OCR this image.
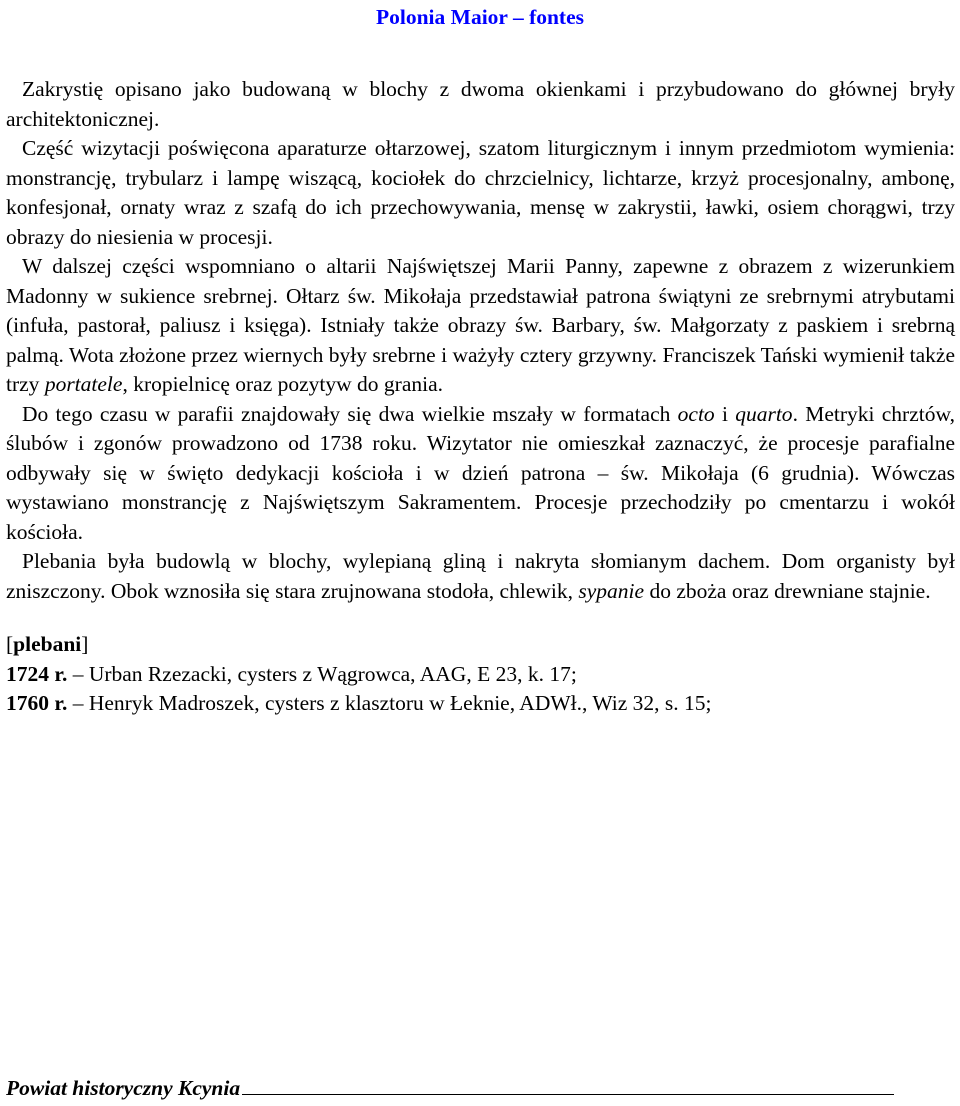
Polonia Maior – fontes

Zakrystię opisano jako budowaną w blochy z dwoma okienkami i przybudowano do głównej bryły architektonicznej.

Część wizytacji poświęcona aparaturze ołtarzowej, szatom liturgicznym i innym przedmiotom wymienia: monstrancję, trybularz i lampę wiszącą, kociołek do chrzcielnicy, lichtarze, krzyż procesjonalny, ambonę, konfesjonał, ornaty wraz z szafą do ich przechowywania, mensę w zakrystii, ławki, osiem chorągwi, trzy obrazy do niesienia w procesji.

W dalszej części wspomniano o altarii Najświętszej Marii Panny, zapewne z obrazem z wizerunkiem Madonny w sukience srebrnej. Ołtarz św. Mikołaja przedstawiał patrona świątyni ze srebrnymi atrybutami (infuła, pastorał, paliusz i księga). Istniały także obrazy św. Barbary, św. Małgorzaty z paskiem i srebrną palmą. Wota złożone przez wiernych były srebrne i ważyły cztery grzywny. Franciszek Tański wymienił także trzy portatele, kropielnicę oraz pozytyw do grania.

Do tego czasu w parafii znajdowały się dwa wielkie mszały w formatach octo i quarto. Metryki chrztów, ślubów i zgonów prowadzono od 1738 roku. Wizytator nie omieszkał zaznaczyć, że procesje parafialne odbywały się w święto dedykacji kościoła i w dzień patrona – św. Mikołaja (6 grudnia). Wówczas wystawiano monstrancję z Najświętszym Sakramentem. Procesje przechodziły po cmentarzu i wokół kościoła.

Plebania była budowlą w blochy, wylepianą gliną i nakryta słomianym dachem. Dom organisty był zniszczony. Obok wznosiła się stara zrujnowana stodoła, chlewik, sypanie do zboża oraz drewniane stajnie.

[plebani]

1724 r. – Urban Rzezacki, cysters z Wągrowca, AAG, E 23, k. 17;

1760 r. – Henryk Madroszek, cysters z klasztoru w Łeknie, ADWł., Wiz 32, s. 15;

Powiat historyczny Kcynia
